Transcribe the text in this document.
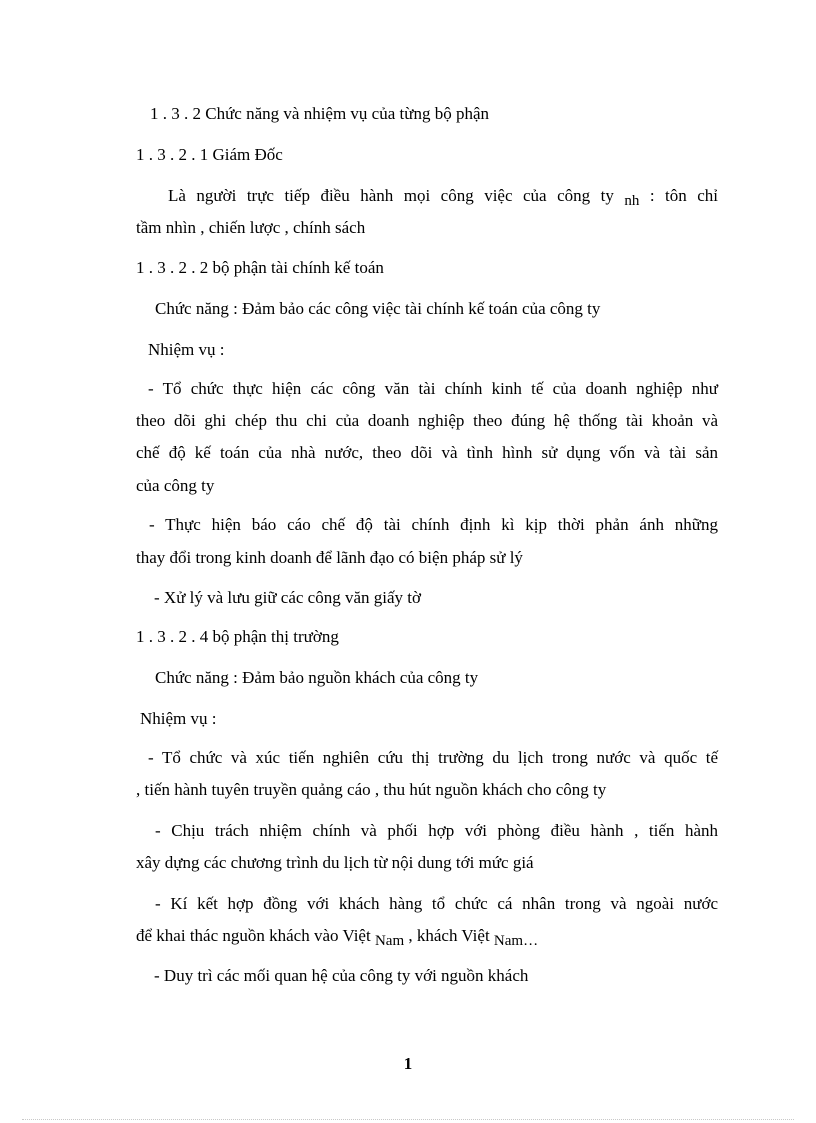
1 . 3 . 2 Chức năng và nhiệm vụ của từng bộ phận
1 . 3 . 2 . 1 Giám Đốc
Là người trực tiếp điều hành mọi công việc của công ty nh : tôn chỉ
tầm nhìn , chiến lược , chính sách
1 . 3 . 2 . 2 bộ phận tài chính kế toán
Chức năng : Đảm bảo các công việc tài chính kế toán của công ty
Nhiệm vụ :
- Tổ chức thực hiện các công văn tài chính kinh tế của doanh nghiệp như
theo dõi ghi chép thu chi của doanh nghiệp theo đúng hệ thống tài khoản và
chế độ kế toán của nhà nước, theo dõi và tình hình sử dụng vốn và tài sản
của công ty
- Thực hiện báo cáo chế độ tài chính định kì kịp thời phản ánh những
thay đổi trong kinh doanh để lãnh đạo có biện pháp sử lý
- Xử lý và lưu giữ các công văn giấy tờ
1 . 3 . 2 . 4 bộ phận thị trường
Chức năng : Đảm bảo nguồn khách của công ty
Nhiệm vụ :
- Tổ chức và xúc tiến nghiên cứu thị trường du lịch trong nước và quốc tế
, tiến hành tuyên truyền quảng cáo , thu hút nguồn khách cho công ty
- Chịu trách nhiệm chính và phối hợp với phòng điều hành , tiến hành
xây dựng các chương trình du lịch từ nội dung tới mức giá
- Kí kết hợp đồng với khách hàng tổ chức cá nhân trong và ngoài nước
để khai thác nguồn khách vào Việt Nam , khách Việt Nam…
- Duy trì các mối quan hệ của công ty với nguồn khách
1
